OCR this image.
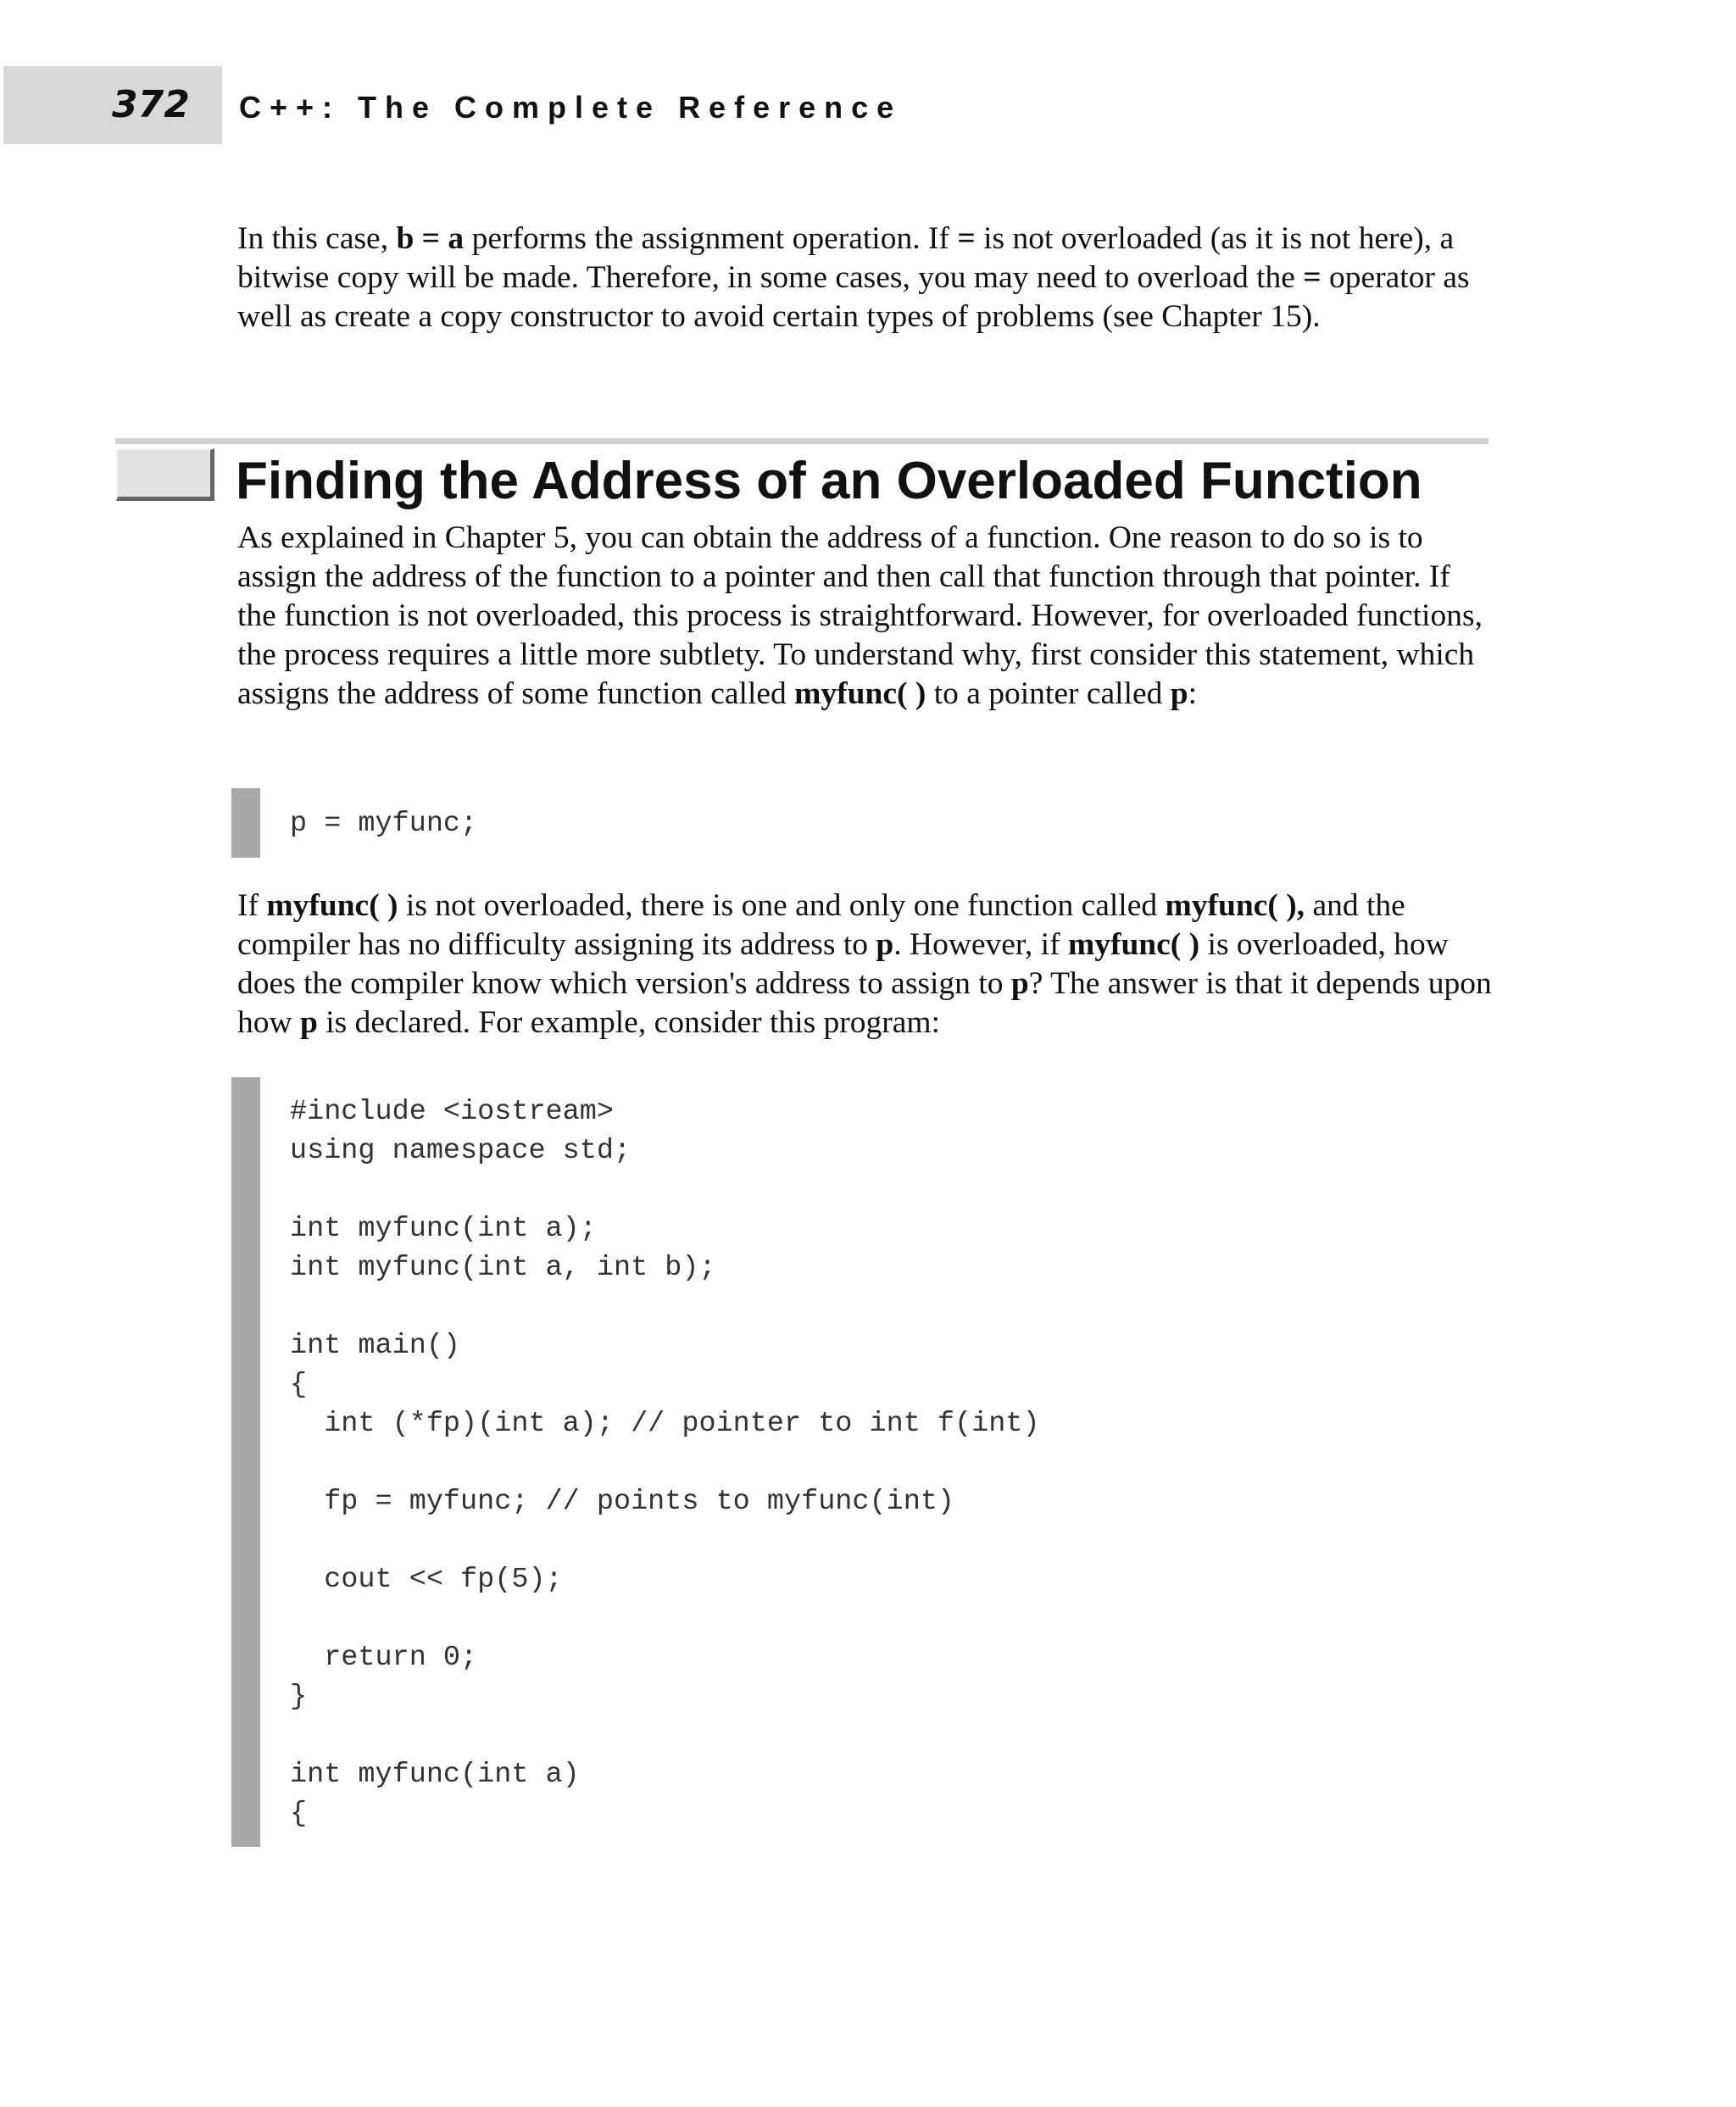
372 C++: The Complete Reference

In this case, b = a performs the assignment operation. If = is not overloaded (as it is not here), a bitwise copy will be made. Therefore, in some cases, you may need to overload the = operator as well as create a copy constructor to avoid certain types of problems (see Chapter 15).

Finding the Address of an Overloaded Function

As explained in Chapter 5, you can obtain the address of a function. One reason to do so is to assign the address of the function to a pointer and then call that function through that pointer. If the function is not overloaded, this process is straightforward. However, for overloaded functions, the process requires a little more subtlety. To understand why, first consider this statement, which assigns the address of some function called myfunc( ) to a pointer called p:

p = myfunc;

If myfunc( ) is not overloaded, there is one and only one function called myfunc( ), and the compiler has no difficulty assigning its address to p. However, if myfunc( ) is overloaded, how does the compiler know which version's address to assign to p? The answer is that it depends upon how p is declared. For example, consider this program:

#include <iostream>
using namespace std;

int myfunc(int a);
int myfunc(int a, int b);

int main()
{
int (*fp)(int a); // pointer to int f(int)

fp = myfunc; // points to myfunc(int)

cout << fp(5);

return 0;
}

int myfunc(int a)
{
